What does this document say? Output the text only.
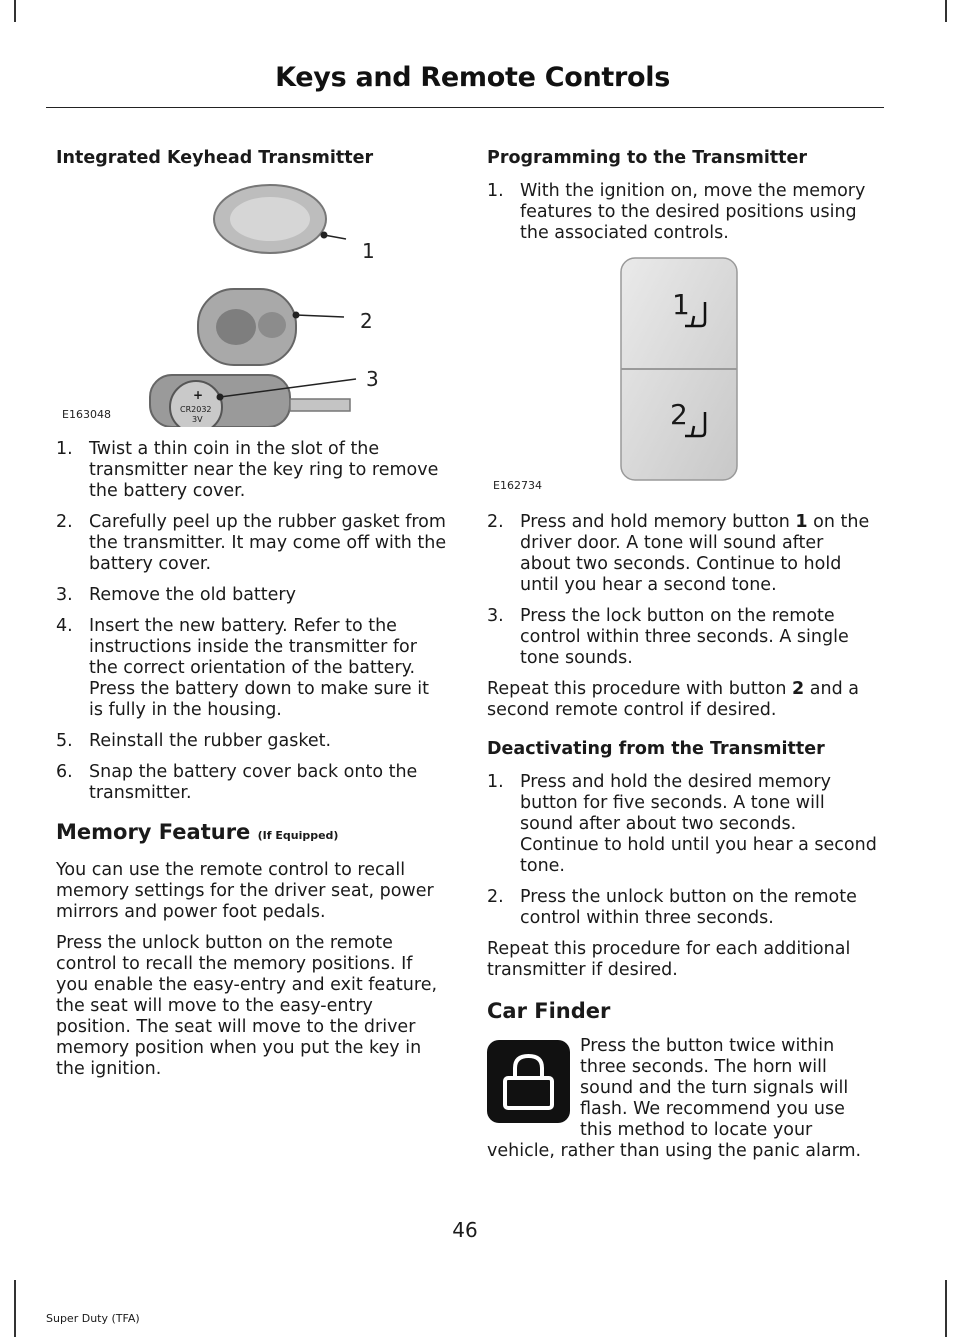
Keys and Remote Controls
Integrated Keyhead Transmitter
+
CR2032
3V
1
2
3
E163048
1. Twist a thin coin in the slot of the transmitter near the key ring to remove the battery cover.
2. Carefully peel up the rubber gasket from the transmitter. It may come off with the battery cover.
3. Remove the old battery
4. Insert the new battery. Refer to the instructions inside the transmitter for the correct orientation of the battery. Press the battery down to make sure it is fully in the housing.
5. Reinstall the rubber gasket.
6. Snap the battery cover back onto the transmitter.
Memory Feature (If Equipped)

You can use the remote control to recall memory settings for the driver seat, power mirrors and power foot pedals.

Press the unlock button on the remote control to recall the memory positions. If you enable the easy-entry and exit feature, the seat will move to the easy-entry position. The seat will move to the driver memory position when you put the key in the ignition.

Programming to the Transmitter
1. With the ignition on, move the memory features to the desired positions using the associated controls.
1
2
E162734
2. Press and hold memory button 1 on the driver door. A tone will sound after about two seconds. Continue to hold until you hear a second tone.
3. Press the lock button on the remote control within three seconds. A single tone sounds.

Repeat this procedure with button 2 and a second remote control if desired.

Deactivating from the Transmitter
1. Press and hold the desired memory button for five seconds. A tone will sound after about two seconds. Continue to hold until you hear a second tone.
2. Press the unlock button on the remote control within three seconds.

Repeat this procedure for each additional transmitter if desired.

Car Finder

Press the button twice within three seconds. The horn will sound and the turn signals will flash. We recommend you use this method to locate your vehicle, rather than using the panic alarm.

46
Super Duty (TFA)
